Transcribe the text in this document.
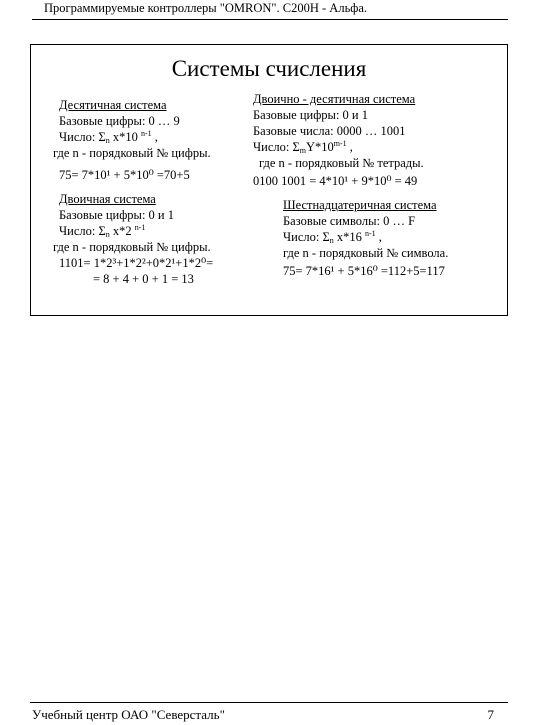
Программируемые контроллеры "OMRON". C200H - Альфа.
Системы счисления
Десятичная система
Базовые цифры: 0 … 9
Число: $\Sigma_n$ x*10 $^{n-1}$ ,
где n - порядковый № цифры.
75= 7*10¹ + 5*10⁰ =70+5
Двоично - десятичная система
Базовые цифры: 0 и 1
Базовые числа: 0000 … 1001
Число: $\Sigma_mY*10^{m-1}$ ,
где n - порядковый № тетрады.
0100 1001 = 4*10¹ + 9*10⁰ = 49
Двоичная система
Базовые цифры: 0 и 1
Число: $\Sigma_n$ x*2 $^{n-1}$
где n - порядковый № цифры.
1101= 1*2³+1*2²+0*2¹+1*2⁰=
= 8 + 4 + 0 + 1 = 13
Шестнадцатеричная система
Базовые символы: 0 … F
Число: $\Sigma_n$ x*16 $^{n-1}$ ,
где n - порядковый № символа.
75= 7*16¹ + 5*16⁰ =112+5=117
Учебный центр ОАО "Северсталь"	7
